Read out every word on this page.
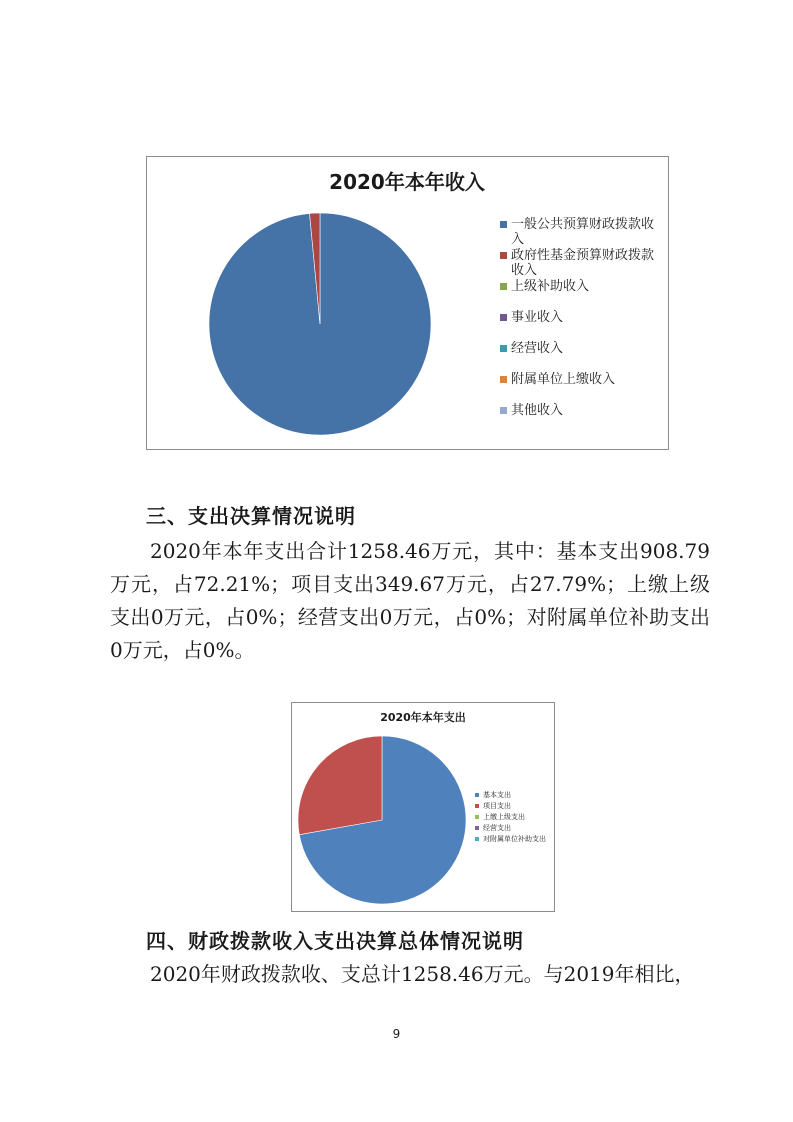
2020年本年收入
一般公共预算财政拨款收入
政府性基金预算财政拨款收入
上级补助收入
事业收入
经营收入
附属单位上缴收入
其他收入
三、支出决算情况说明

2020年本年支出合计1258.46万元，其中：基本支出908.79万元，占72.21%；项目支出349.67万元，占27.79%；上缴上级支出0万元，占0%；经营支出0万元，占0%；对附属单位补助支出0万元，占0%。

2020年本年支出
基本支出
项目支出
上缴上级支出
经营支出
对附属单位补助支出
四、财政拨款收入支出决算总体情况说明

2020年财政拨款收、支总计1258.46万元。与2019年相比，

9
